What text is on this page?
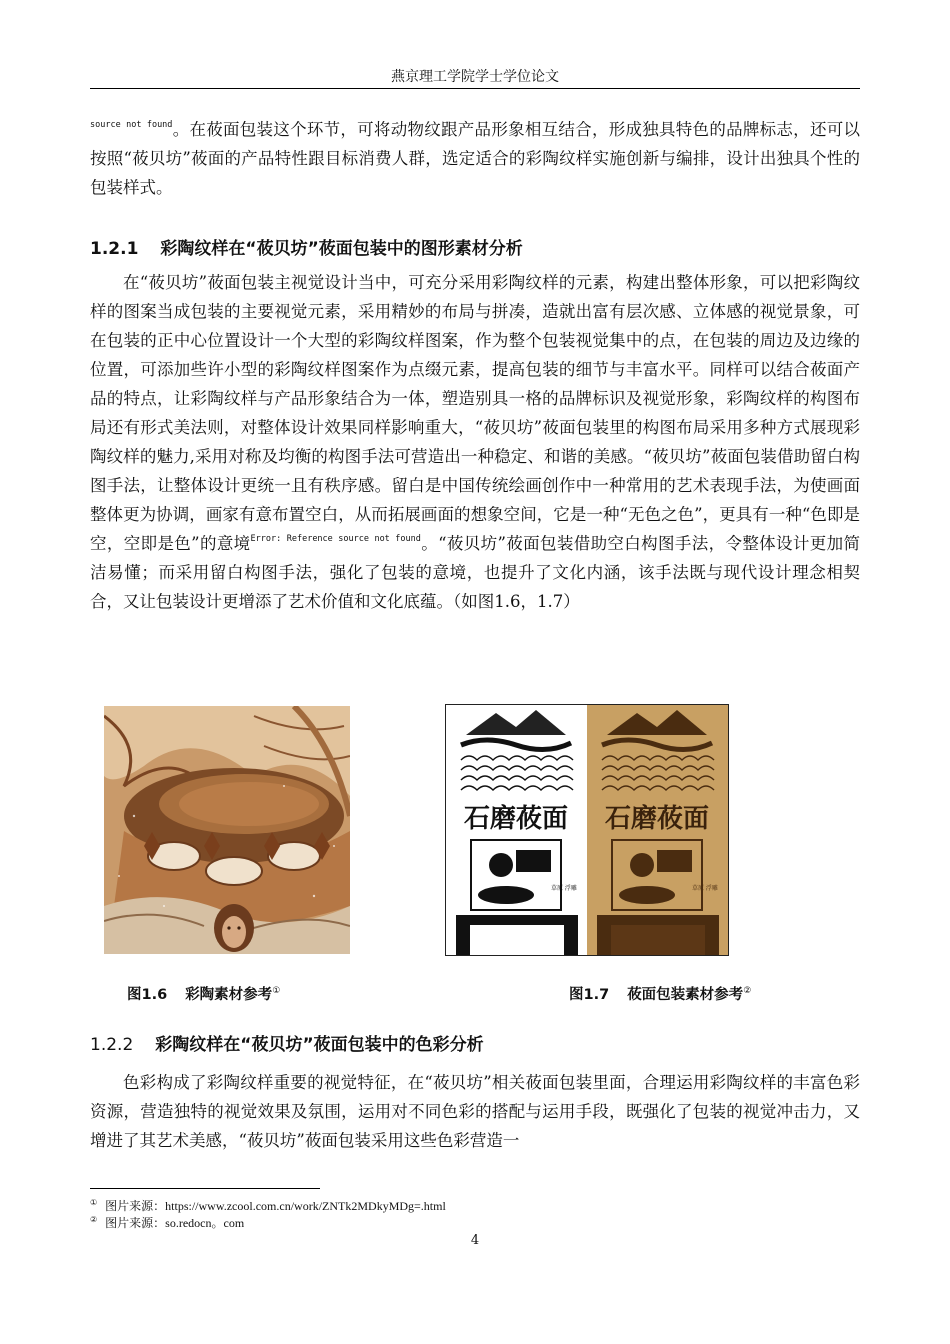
燕京理工学院学士学位论文

$^{source not found}$。在莜面包装这个环节，可将动物纹跟产品形象相互结合，形成独具特色的品牌标志，还可以按照“莜贝坊”莜面的产品特性跟目标消费人群，选定适合的彩陶纹样实施创新与编排，设计出独具个性的包装样式。

1.2.1 彩陶纹样在“莜贝坊”莜面包装中的图形素材分析

在“莜贝坊”莜面包装主视觉设计当中，可充分采用彩陶纹样的元素，构建出整体形象，可以把彩陶纹样的图案当成包装的主要视觉元素，采用精妙的布局与拼凑，造就出富有层次感、立体感的视觉景象，可在包装的正中心位置设计一个大型的彩陶纹样图案，作为整个包装视觉集中的点，在包装的周边及边缘的位置，可添加些许小型的彩陶纹样图案作为点缀元素，提高包装的细节与丰富水平。同样可以结合莜面产品的特点，让彩陶纹样与产品形象结合为一体，塑造别具一格的品牌标识及视觉形象，彩陶纹样的构图布局还有形式美法则，对整体设计效果同样影响重大，“莜贝坊”莜面包装里的构图布局采用多种方式展现彩陶纹样的魅力,采用对称及均衡的构图手法可营造出一种稳定、和谐的美感。“莜贝坊”莜面包装借助留白构图手法，让整体设计更统一且有秩序感。留白是中国传统绘画创作中一种常用的艺术表现手法，为使画面整体更为协调，画家有意布置空白，从而拓展画面的想象空间，它是一种“无色之色”，更具有一种“色即是空，空即是色”的意境$^{Error: Reference source not found}$。“莜贝坊”莜面包装借助空白构图手法，令整体设计更加简洁易懂；而采用留白构图手法，强化了包装的意境，也提升了文化内涵，该手法既与现代设计理念相契合，又让包装设计更增添了艺术价值和文化底蕴。（如图1.6，1.7）

石磨莜面
草原 浮雕
石磨莜面
草原 浮雕
图1.6 彩陶素材参考①	图1.7 莜面包装素材参考②
1.2.2 彩陶纹样在“莜贝坊”莜面包装中的色彩分析

色彩构成了彩陶纹样重要的视觉特征，在“莜贝坊”相关莜面包装里面，合理运用彩陶纹样的丰富色彩资源，营造独特的视觉效果及氛围，运用对不同色彩的搭配与运用手段，既强化了包装的视觉冲击力，又增进了其艺术美感，“莜贝坊”莜面包装采用这些色彩营造一

① 图片来源：https://www.zcool.com.cn/work/ZNTk2MDkyMDg=.html
② 图片来源：so.redocn。com
4
